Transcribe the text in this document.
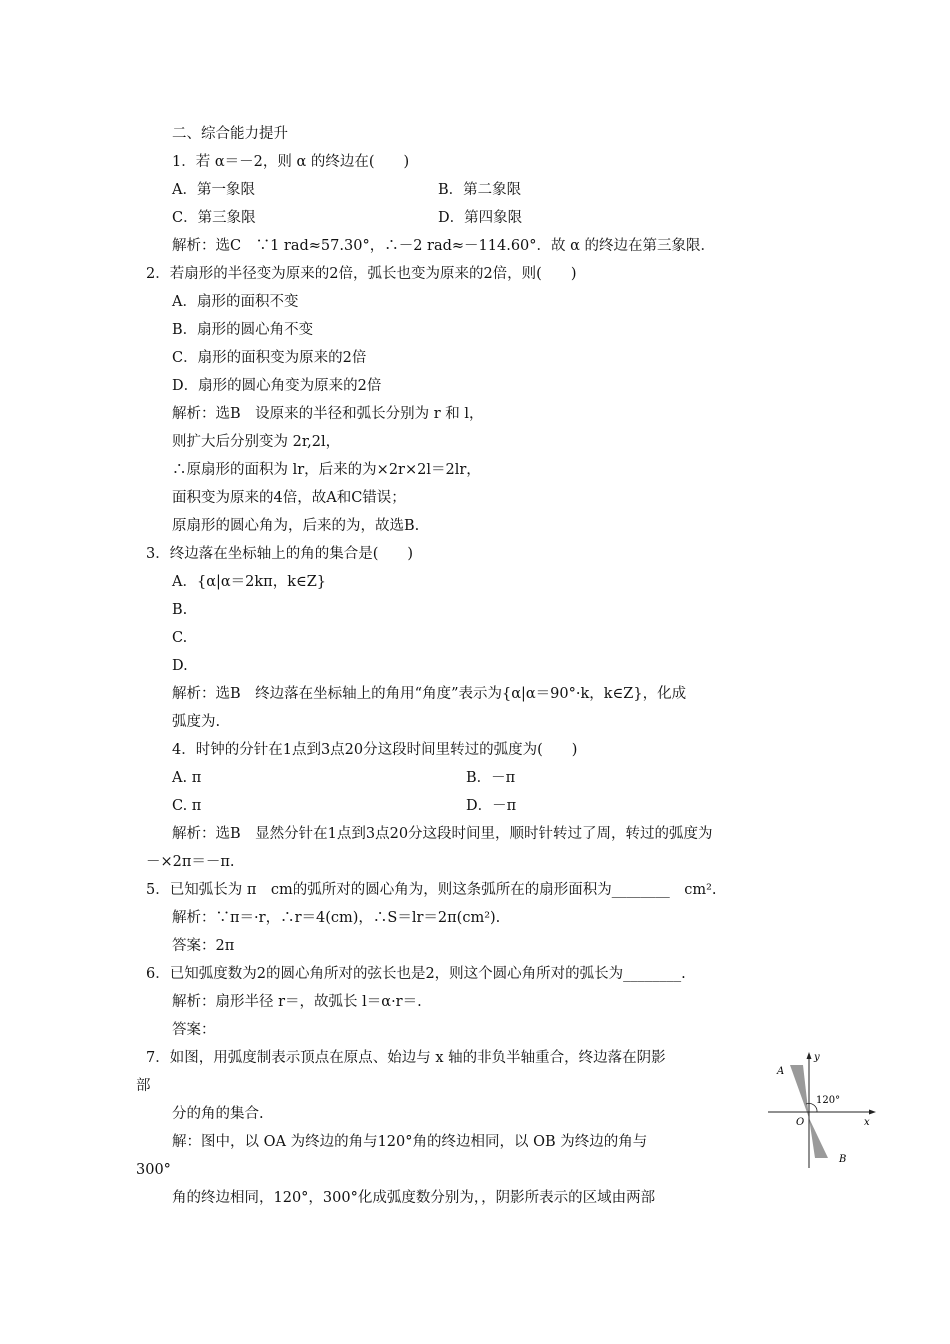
二、综合能力提升
1．若 α＝－2，则 α 的终边在(　　)
A．第一象限	B．第二象限
C．第三象限	D．第四象限
解析：选C　∵1 rad≈57.30°，∴－2 rad≈－114.60°．故 α 的终边在第三象限．
2．若扇形的半径变为原来的2倍，弧长也变为原来的2倍，则(　　)
A．扇形的面积不变
B．扇形的圆心角不变
C．扇形的面积变为原来的2倍
D．扇形的圆心角变为原来的2倍
解析：选B　设原来的半径和弧长分别为 r 和 l，
则扩大后分别变为 2r,2l，
∴原扇形的面积为 lr，后来的为×2r×2l＝2lr，
面积变为原来的4倍，故A和C错误；
原扇形的圆心角为，后来的为，故选B.
3．终边落在坐标轴上的角的集合是(　　)
A．{α|α＝2kπ，k∈Z}
B.
C.
D.
解析：选B　终边落在坐标轴上的角用“角度”表示为{α|α＝90°·k，k∈Z}，化成
弧度为.
4．时钟的分针在1点到3点20分这段时间里转过的弧度为(　　)
A. π	B．－π
C. π	D．－π
解析：选B　显然分针在1点到3点20分这段时间里，顺时针转过了周，转过的弧度为
－×2π＝－π.
5．已知弧长为 π　cm的弧所对的圆心角为，则这条弧所在的扇形面积为________　cm².
解析：∵π＝·r，∴r＝4(cm)，∴S＝lr＝2π(cm²).
答案：2π
6．已知弧度数为2的圆心角所对的弦长也是2，则这个圆心角所对的弧长为________.
解析：扇形半径 r＝，故弧长 l＝α·r＝.
答案：
7．如图，用弧度制表示顶点在原点、始边与 x 轴的非负半轴重合，终边落在阴影
部
分的角的集合.
解：图中，以 OA 为终边的角与120°角的终边相同，以 OB 为终边的角与
300°
角的终边相同，120°，300°化成弧度数分别为，，阴影所表示的区域由两部
y
x
A
B
O
120°
